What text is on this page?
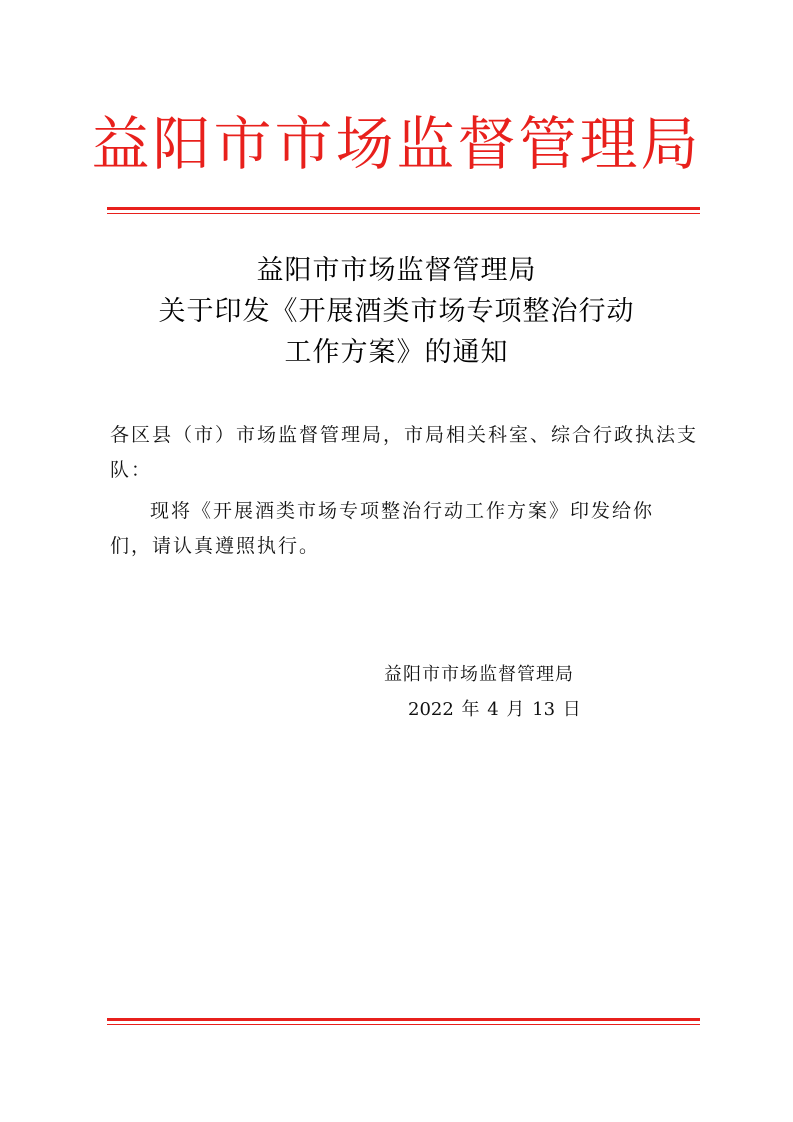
益阳市市场监督管理局
益阳市市场监督管理局
关于印发《开展酒类市场专项整治行动
工作方案》的通知
各区县（市）市场监督管理局，市局相关科室、综合行政执法支
队：
现将《开展酒类市场专项整治行动工作方案》印发给你
们，请认真遵照执行。
益阳市市场监督管理局
2022 年 4 月 13 日
